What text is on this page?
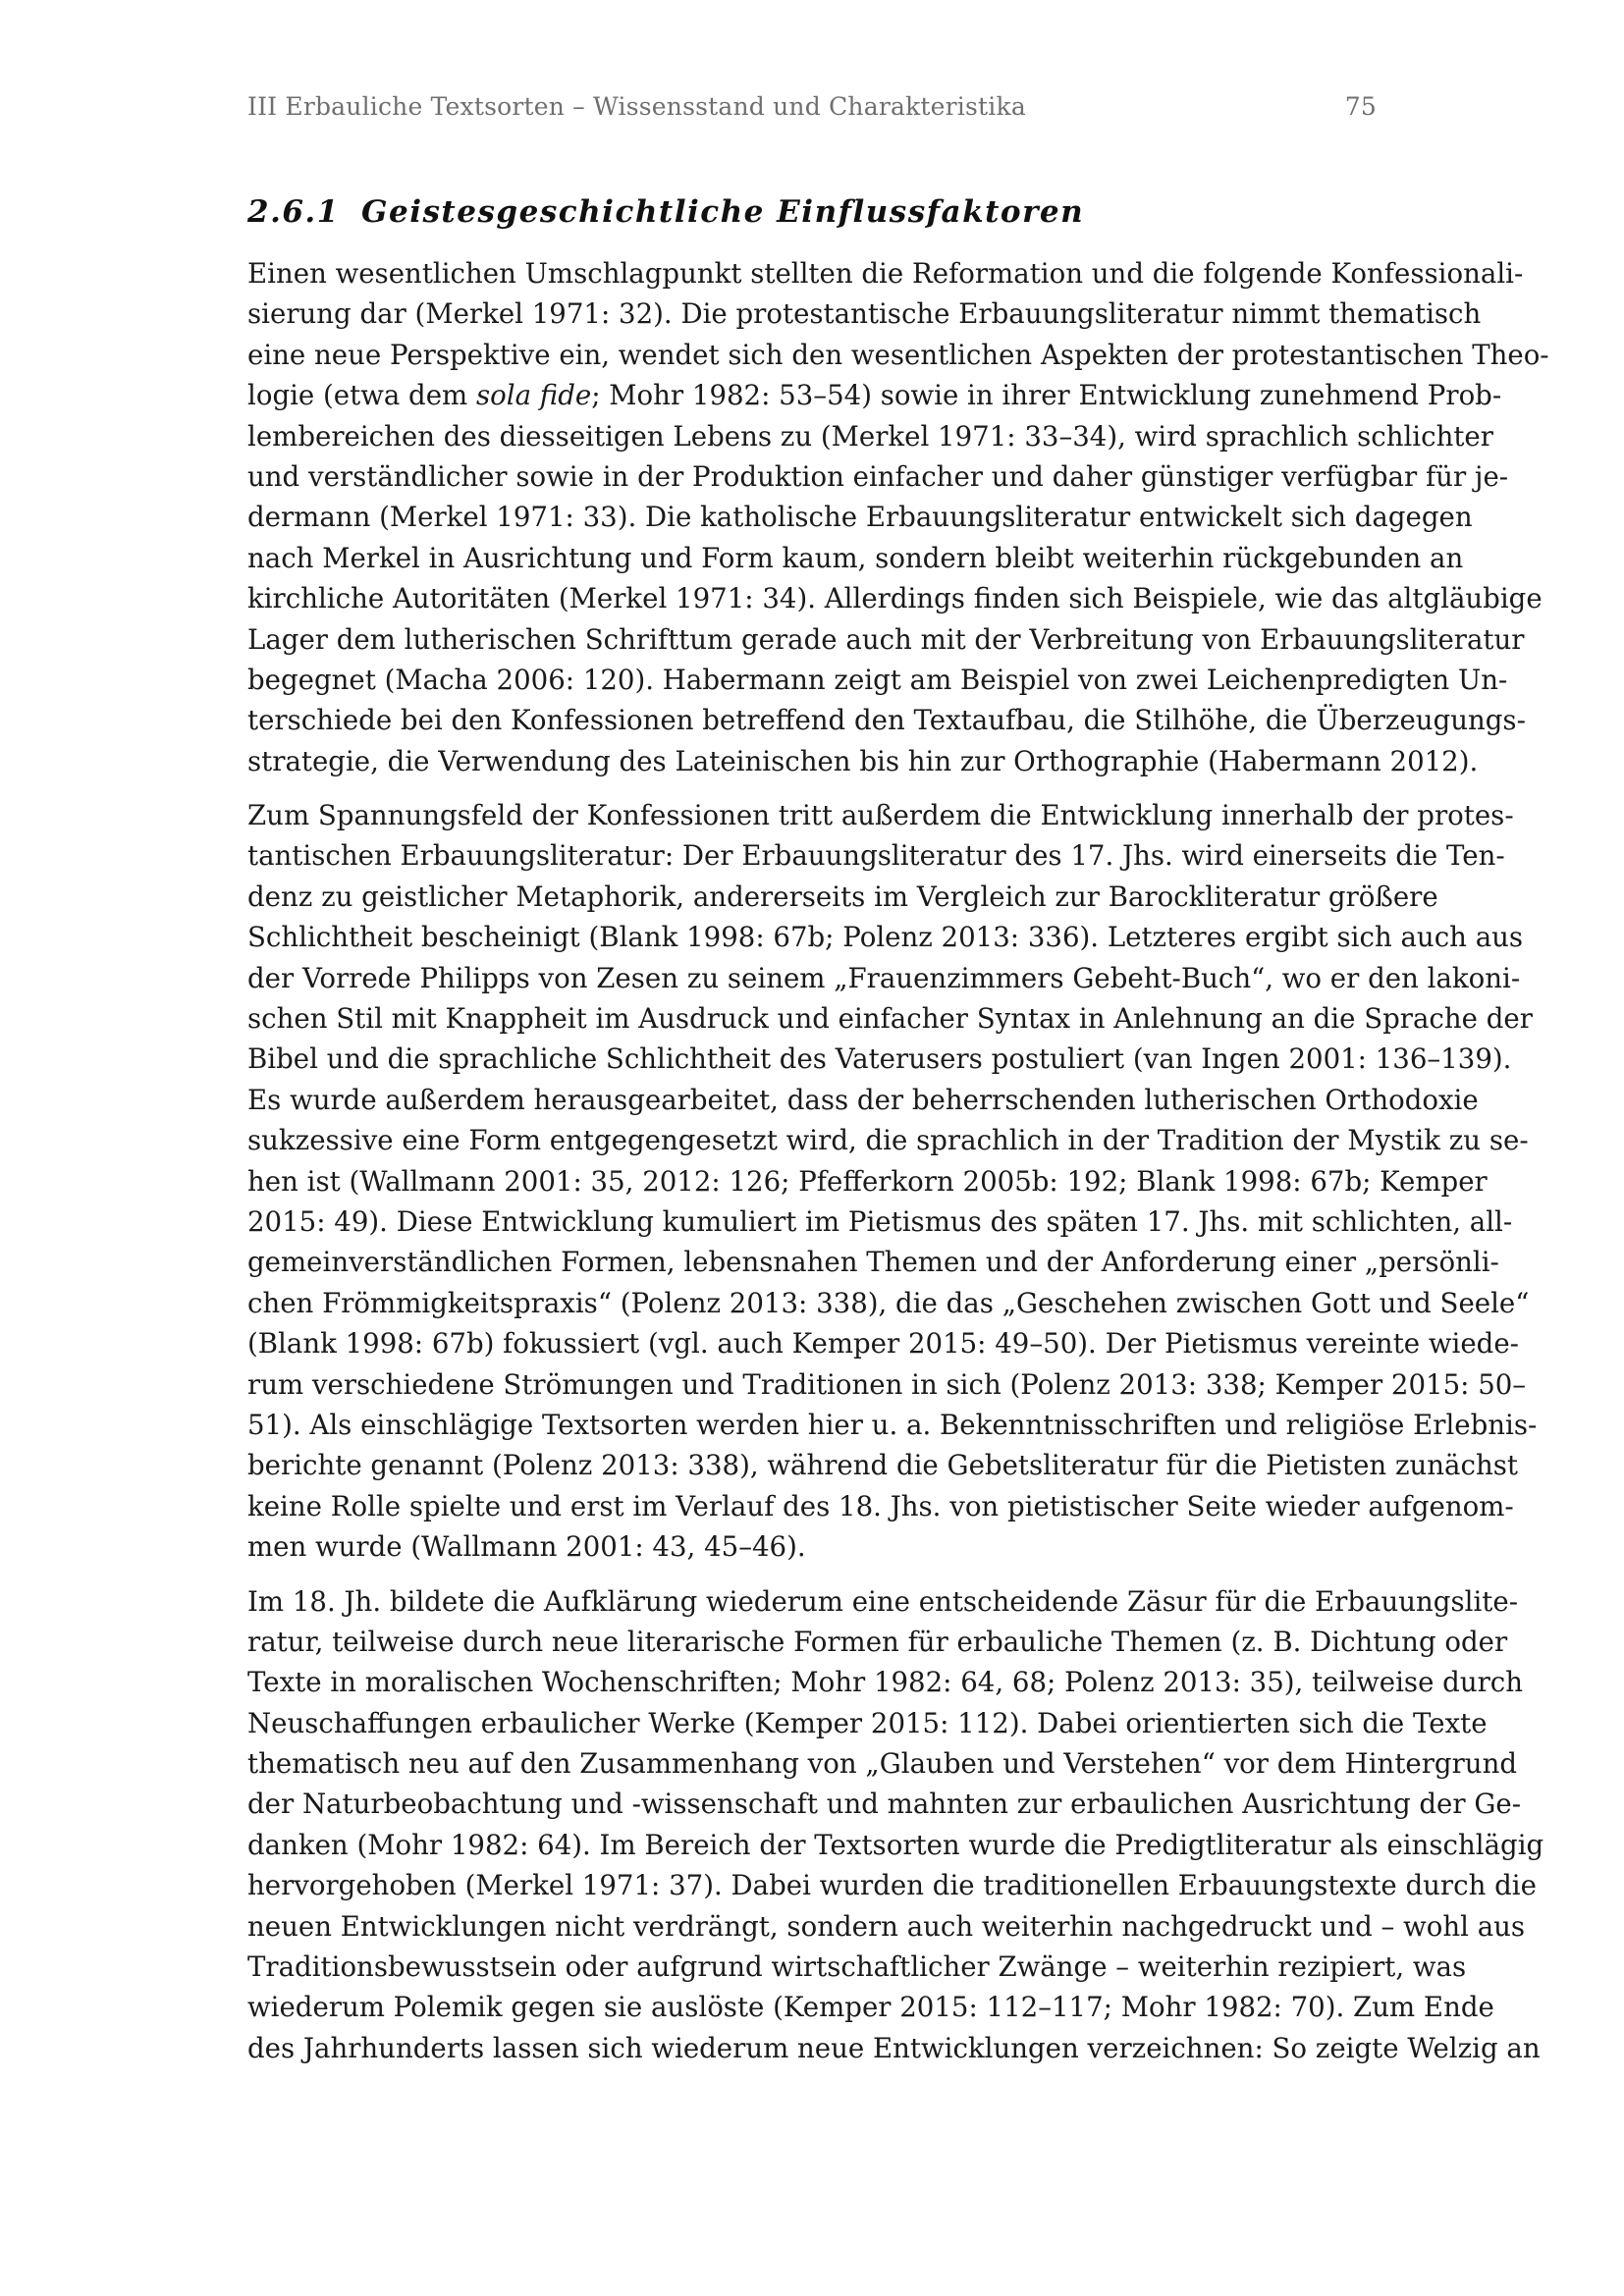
III Erbauliche Textsorten – Wissensstand und Charakteristika	75
2.6.1 Geistesgeschichtliche Einflussfaktoren
Einen wesentlichen Umschlagpunkt stellten die Reformation und die folgende Konfessionali-
sierung dar (Merkel 1971: 32). Die protestantische Erbauungsliteratur nimmt thematisch
eine neue Perspektive ein, wendet sich den wesentlichen Aspekten der protestantischen Theo-
logie (etwa dem sola fide; Mohr 1982: 53–54) sowie in ihrer Entwicklung zunehmend Prob-
lembereichen des diesseitigen Lebens zu (Merkel 1971: 33–34), wird sprachlich schlichter
und verständlicher sowie in der Produktion einfacher und daher günstiger verfügbar für je-
dermann (Merkel 1971: 33). Die katholische Erbauungsliteratur entwickelt sich dagegen
nach Merkel in Ausrichtung und Form kaum, sondern bleibt weiterhin rückgebunden an
kirchliche Autoritäten (Merkel 1971: 34). Allerdings finden sich Beispiele, wie das altgläubige
Lager dem lutherischen Schrifttum gerade auch mit der Verbreitung von Erbauungsliteratur
begegnet (Macha 2006: 120). Habermann zeigt am Beispiel von zwei Leichenpredigten Un-
terschiede bei den Konfessionen betreffend den Textaufbau, die Stilhöhe, die Überzeugungs-
strategie, die Verwendung des Lateinischen bis hin zur Orthographie (Habermann 2012).
Zum Spannungsfeld der Konfessionen tritt außerdem die Entwicklung innerhalb der protes-
tantischen Erbauungsliteratur: Der Erbauungsliteratur des 17. Jhs. wird einerseits die Ten-
denz zu geistlicher Metaphorik, andererseits im Vergleich zur Barockliteratur größere
Schlichtheit bescheinigt (Blank 1998: 67b; Polenz 2013: 336). Letzteres ergibt sich auch aus
der Vorrede Philipps von Zesen zu seinem „Frauenzimmers Gebeht-Buch“, wo er den lakoni-
schen Stil mit Knappheit im Ausdruck und einfacher Syntax in Anlehnung an die Sprache der
Bibel und die sprachliche Schlichtheit des Vaterusers postuliert (van Ingen 2001: 136–139).
Es wurde außerdem herausgearbeitet, dass der beherrschenden lutherischen Orthodoxie
sukzessive eine Form entgegengesetzt wird, die sprachlich in der Tradition der Mystik zu se-
hen ist (Wallmann 2001: 35, 2012: 126; Pfefferkorn 2005b: 192; Blank 1998: 67b; Kemper
2015: 49). Diese Entwicklung kumuliert im Pietismus des späten 17. Jhs. mit schlichten, all-
gemeinverständlichen Formen, lebensnahen Themen und der Anforderung einer „persönli-
chen Frömmigkeitspraxis“ (Polenz 2013: 338), die das „Geschehen zwischen Gott und Seele“
(Blank 1998: 67b) fokussiert (vgl. auch Kemper 2015: 49–50). Der Pietismus vereinte wiede-
rum verschiedene Strömungen und Traditionen in sich (Polenz 2013: 338; Kemper 2015: 50–
51). Als einschlägige Textsorten werden hier u. a. Bekenntnisschriften und religiöse Erlebnis-
berichte genannt (Polenz 2013: 338), während die Gebetsliteratur für die Pietisten zunächst
keine Rolle spielte und erst im Verlauf des 18. Jhs. von pietistischer Seite wieder aufgenom-
men wurde (Wallmann 2001: 43, 45–46).
Im 18. Jh. bildete die Aufklärung wiederum eine entscheidende Zäsur für die Erbauungslite-
ratur, teilweise durch neue literarische Formen für erbauliche Themen (z. B. Dichtung oder
Texte in moralischen Wochenschriften; Mohr 1982: 64, 68; Polenz 2013: 35), teilweise durch
Neuschaffungen erbaulicher Werke (Kemper 2015: 112). Dabei orientierten sich die Texte
thematisch neu auf den Zusammenhang von „Glauben und Verstehen“ vor dem Hintergrund
der Naturbeobachtung und -wissenschaft und mahnten zur erbaulichen Ausrichtung der Ge-
danken (Mohr 1982: 64). Im Bereich der Textsorten wurde die Predigtliteratur als einschlägig
hervorgehoben (Merkel 1971: 37). Dabei wurden die traditionellen Erbauungstexte durch die
neuen Entwicklungen nicht verdrängt, sondern auch weiterhin nachgedruckt und – wohl aus
Traditionsbewusstsein oder aufgrund wirtschaftlicher Zwänge – weiterhin rezipiert, was
wiederum Polemik gegen sie auslöste (Kemper 2015: 112–117; Mohr 1982: 70). Zum Ende
des Jahrhunderts lassen sich wiederum neue Entwicklungen verzeichnen: So zeigte Welzig an
